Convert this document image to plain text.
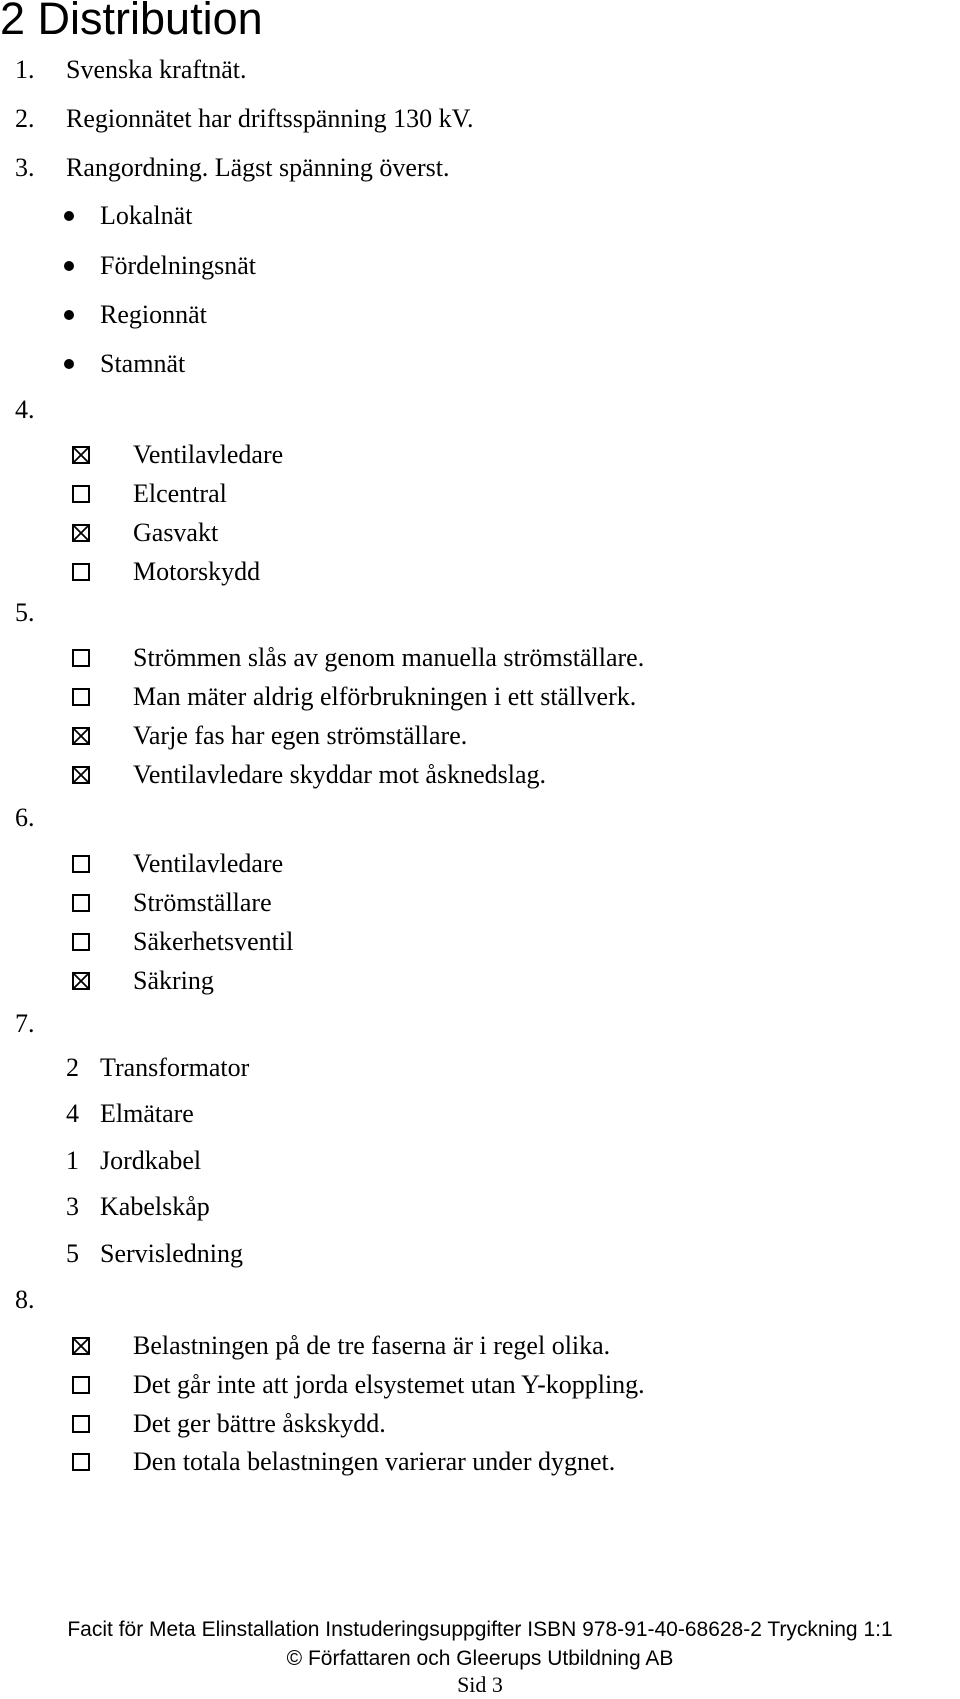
2 Distribution
1. Svenska kraftnät.
2. Regionnätet har driftsspänning 130 kV.
3. Rangordning. Lägst spänning överst.
Lokalnät
Fördelningsnät
Regionnät
Stamnät
4.
Ventilavledare
Elcentral
Gasvakt
Motorskydd
5.
Strömmen slås av genom manuella strömställare.
Man mäter aldrig elförbrukningen i ett ställverk.
Varje fas har egen strömställare.
Ventilavledare skyddar mot åsknedslag.
6.
Ventilavledare
Strömställare
Säkerhetsventil
Säkring
7.
2 Transformator
4 Elmätare
1 Jordkabel
3 Kabelskåp
5 Servisledning
8.
Belastningen på de tre faserna är i regel olika.
Det går inte att jorda elsystemet utan Y-koppling.
Det ger bättre åskskydd.
Den totala belastningen varierar under dygnet.
Facit för Meta Elinstallation Instuderingsuppgifter ISBN 978-91-40-68628-2 Tryckning 1:1
© Författaren och Gleerups Utbildning AB
Sid 3
